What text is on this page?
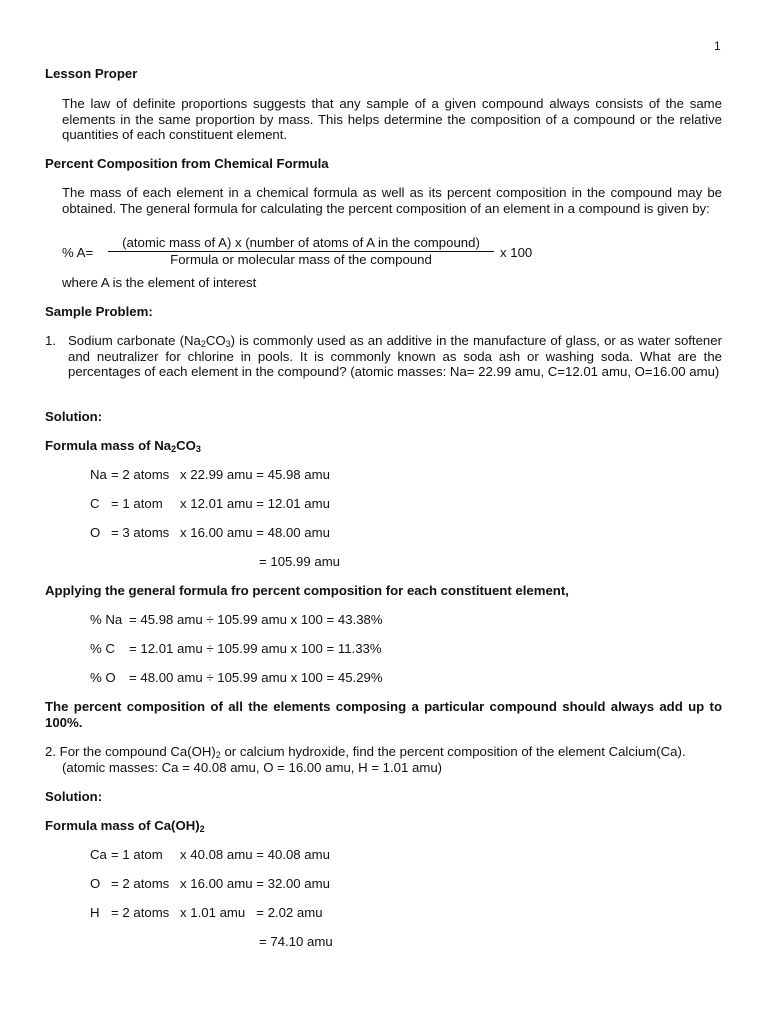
1
Lesson Proper
The law of definite proportions suggests that any sample of a given compound always consists of the same elements in the same proportion by mass. This helps determine the composition of a compound or the relative quantities of each constituent element.
Percent Composition from Chemical Formula
The mass of each element in a chemical formula as well as its percent composition in the compound may be obtained. The general formula for calculating the percent composition of an element in a compound is given by:
% A=
(atomic mass of A) x (number of atoms of A in the compound)
Formula or molecular mass of the compound	x 100
where A is the element of interest
Sample Problem:
1. Sodium carbonate $(Na_2CO_3)$ is commonly used as an additive in the manufacture of glass, or as water softener and neutralizer for chlorine in pools. It is commonly known as soda ash or washing soda. What are the percentages of each element in the compound? (atomic masses: Na= 22.99 amu, C=12.01 amu, O=16.00 amu)
Solution:
Formula mass of $Na_2CO_3$
Na = 2 atoms x 22.99 amu = 45.98 amu
C = 1 atom x 12.01 amu = 12.01 amu
O = 3 atoms x 16.00 amu = 48.00 amu
= 105.99 amu
Applying the general formula fro percent composition for each constituent element,
% Na = 45.98 amu ÷ 105.99 amu x 100 = 43.38%
% C = 12.01 amu ÷ 105.99 amu x 100 = 11.33%
% O = 48.00 amu ÷ 105.99 amu x 100 = 45.29%
The percent composition of all the elements composing a particular compound should always add up to 100%.
2. For the compound $Ca(OH)_2$ or calcium hydroxide, find the percent composition of the element Calcium(Ca).
(atomic masses: Ca = 40.08 amu, O = 16.00 amu, H = 1.01 amu)
Solution:
Formula mass of $Ca(OH)_2$
Ca = 1 atom x 40.08 amu = 40.08 amu
O = 2 atoms x 16.00 amu = 32.00 amu
H = 2 atoms x 1.01 amu   = 2.02 amu
= 74.10 amu
